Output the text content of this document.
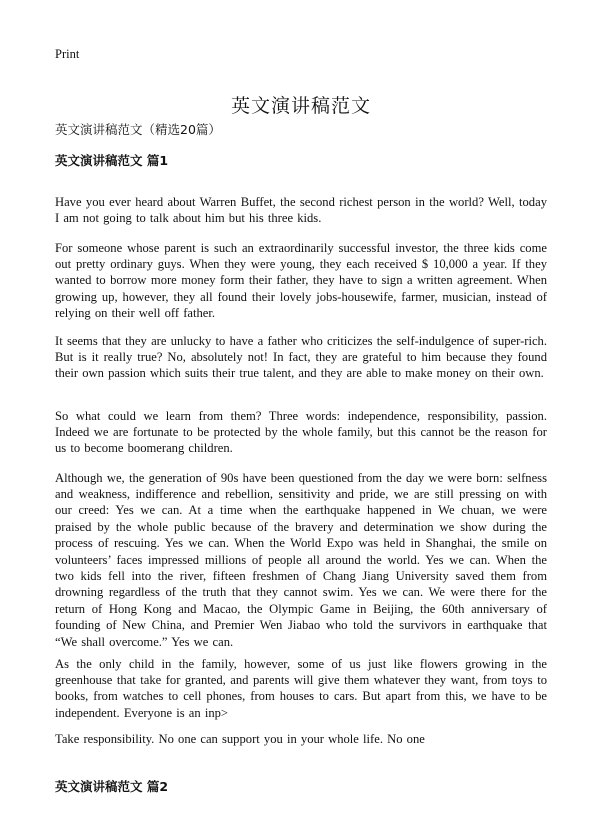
Print
英文演讲稿范文
英文演讲稿范文（精选20篇）
英文演讲稿范文 篇1

Have you ever heard about Warren Buffet, the second richest person in the world? Well, today I am not going to talk about him but his three kids.

For someone whose parent is such an extraordinarily successful investor, the three kids come out pretty ordinary guys. When they were young, they each received $ 10,000 a year. If they wanted to borrow more money form their father, they have to sign a written agreement. When growing up, however, they all found their lovely jobs-housewife, farmer, musician, instead of relying on their well off father.

It seems that they are unlucky to have a father who criticizes the self-indulgence of super-rich. But is it really true? No, absolutely not! In fact, they are grateful to him because they found their own passion which suits their true talent, and they are able to make money on their own.

So what could we learn from them? Three words: independence, responsibility, passion. Indeed we are fortunate to be protected by the whole family, but this cannot be the reason for us to become boomerang children.

Although we, the generation of 90s have been questioned from the day we were born: selfness and weakness, indifference and rebellion, sensitivity and pride, we are still pressing on with our creed: Yes we can. At a time when the earthquake happened in We chuan, we were praised by the whole public because of the bravery and determination we show during the process of rescuing. Yes we can. When the World Expo was held in Shanghai, the smile on volunteers’ faces impressed millions of people all around the world. Yes we can. When the two kids fell into the river, fifteen freshmen of Chang Jiang University saved them from drowning regardless of the truth that they cannot swim. Yes we can. We were there for the return of Hong Kong and Macao, the Olympic Game in Beijing, the 60th anniversary of founding of New China, and Premier Wen Jiabao who told the survivors in earthquake that “We shall overcome.” Yes we can.

As the only child in the family, however, some of us just like flowers growing in the greenhouse that take for granted, and parents will give them whatever they want, from toys to books, from watches to cell phones, from houses to cars. But apart from this, we have to be independent. Everyone is an inp>

Take responsibility. No one can support you in your whole life. No one

英文演讲稿范文 篇2
